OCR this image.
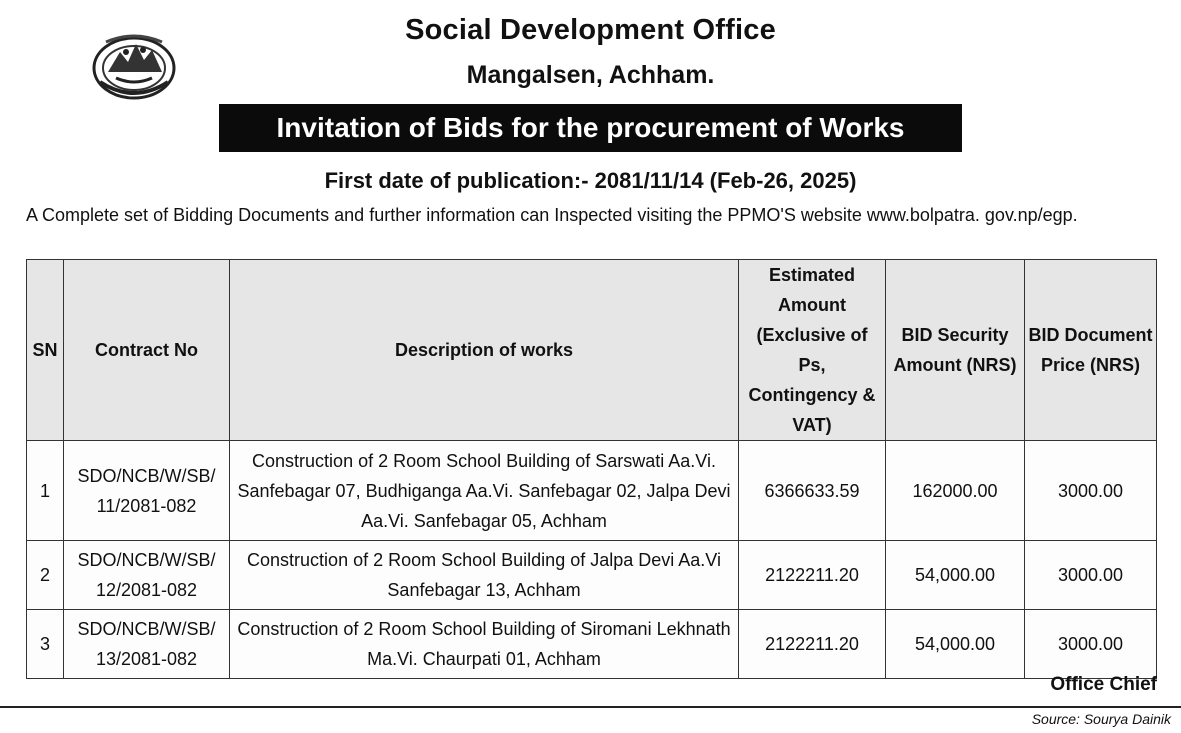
Social Development Office
Mangalsen, Achham.
Invitation of Bids for the procurement of Works
First date of publication:- 2081/11/14 (Feb-26, 2025)
A Complete set of Bidding Documents and further information can Inspected visiting the PPMO'S website www.bolpatra. gov.np/egp.
SN	Contract No	Description of works	Estimated Amount (Exclusive of Ps, Contingency & VAT)	BID Security Amount (NRS)	BID Document Price (NRS)
1	SDO/NCB/W/SB/ 11/2081-082	Construction of 2 Room School Building of Sarswati Aa.Vi. Sanfebagar 07, Budhiganga Aa.Vi. Sanfebagar 02, Jalpa Devi Aa.Vi. Sanfebagar 05, Achham	6366633.59	162000.00	3000.00
2	SDO/NCB/W/SB/ 12/2081-082	Construction of 2 Room School Building of Jalpa Devi Aa.Vi Sanfebagar 13, Achham	2122211.20	54,000.00	3000.00
3	SDO/NCB/W/SB/ 13/2081-082	Construction of 2 Room School Building of Siromani Lekhnath Ma.Vi. Chaurpati 01, Achham	2122211.20	54,000.00	3000.00
Office Chief
Source: Sourya Dainik
